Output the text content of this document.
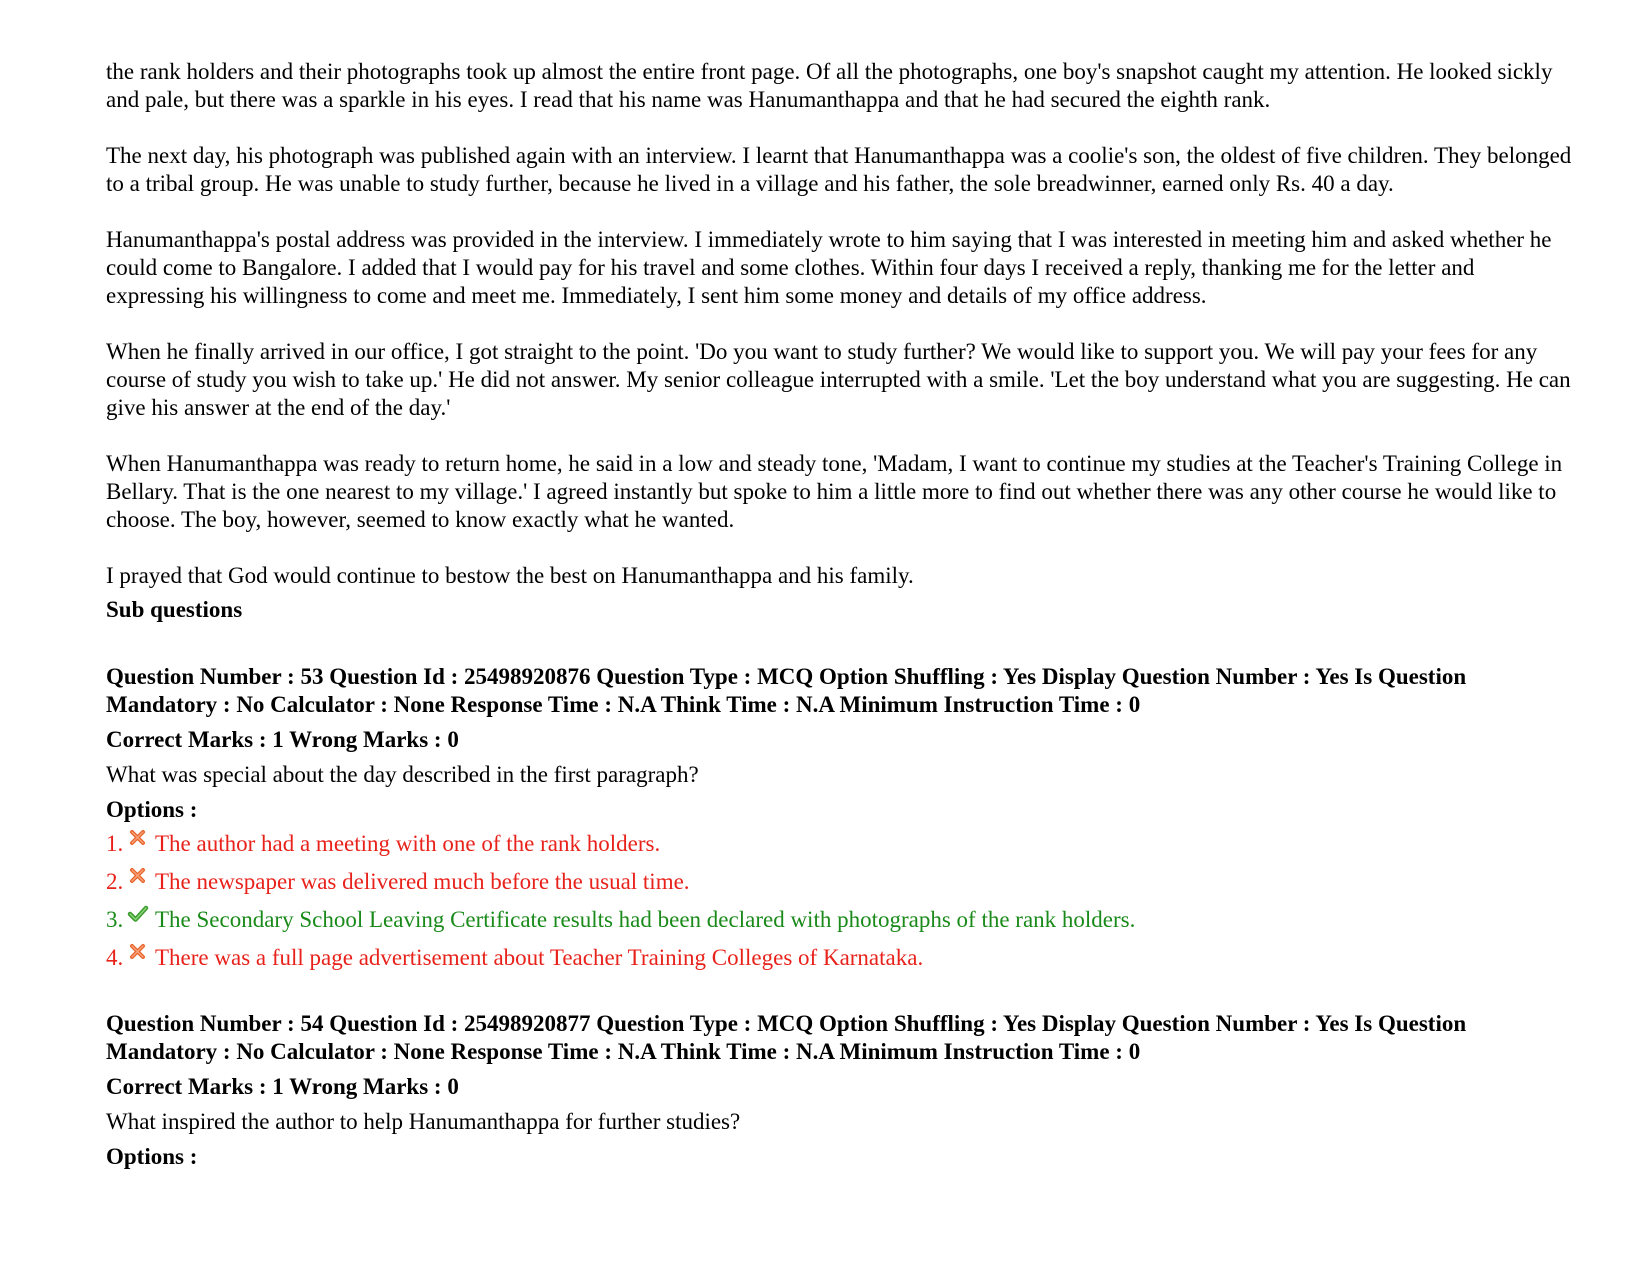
the rank holders and their photographs took up almost the entire front page. Of all the photographs, one boy's snapshot caught my attention. He looked sickly and pale, but there was a sparkle in his eyes. I read that his name was Hanumanthappa and that he had secured the eighth rank.

The next day, his photograph was published again with an interview. I learnt that Hanumanthappa was a coolie's son, the oldest of five children. They belonged to a tribal group. He was unable to study further, because he lived in a village and his father, the sole breadwinner, earned only Rs. 40 a day.

Hanumanthappa's postal address was provided in the interview. I immediately wrote to him saying that I was interested in meeting him and asked whether he could come to Bangalore. I added that I would pay for his travel and some clothes. Within four days I received a reply, thanking me for the letter and expressing his willingness to come and meet me. Immediately, I sent him some money and details of my office address.

When he finally arrived in our office, I got straight to the point. 'Do you want to study further? We would like to support you. We will pay your fees for any course of study you wish to take up.' He did not answer. My senior colleague interrupted with a smile. 'Let the boy understand what you are suggesting. He can give his answer at the end of the day.'

When Hanumanthappa was ready to return home, he said in a low and steady tone, 'Madam, I want to continue my studies at the Teacher's Training College in Bellary. That is the one nearest to my village.' I agreed instantly but spoke to him a little more to find out whether there was any other course he would like to choose. The boy, however, seemed to know exactly what he wanted.

I prayed that God would continue to bestow the best on Hanumanthappa and his family.

Sub questions

Question Number : 53 Question Id : 25498920876 Question Type : MCQ Option Shuffling : Yes Display Question Number : Yes Is Question Mandatory : No Calculator : None Response Time : N.A Think Time : N.A Minimum Instruction Time : 0

Correct Marks : 1 Wrong Marks : 0

What was special about the day described in the first paragraph?

Options :

1. The author had a meeting with one of the rank holders.
2. The newspaper was delivered much before the usual time.
3. The Secondary School Leaving Certificate results had been declared with photographs of the rank holders.
4. There was a full page advertisement about Teacher Training Colleges of Karnataka.

Question Number : 54 Question Id : 25498920877 Question Type : MCQ Option Shuffling : Yes Display Question Number : Yes Is Question Mandatory : No Calculator : None Response Time : N.A Think Time : N.A Minimum Instruction Time : 0

Correct Marks : 1 Wrong Marks : 0

What inspired the author to help Hanumanthappa for further studies?

Options :
